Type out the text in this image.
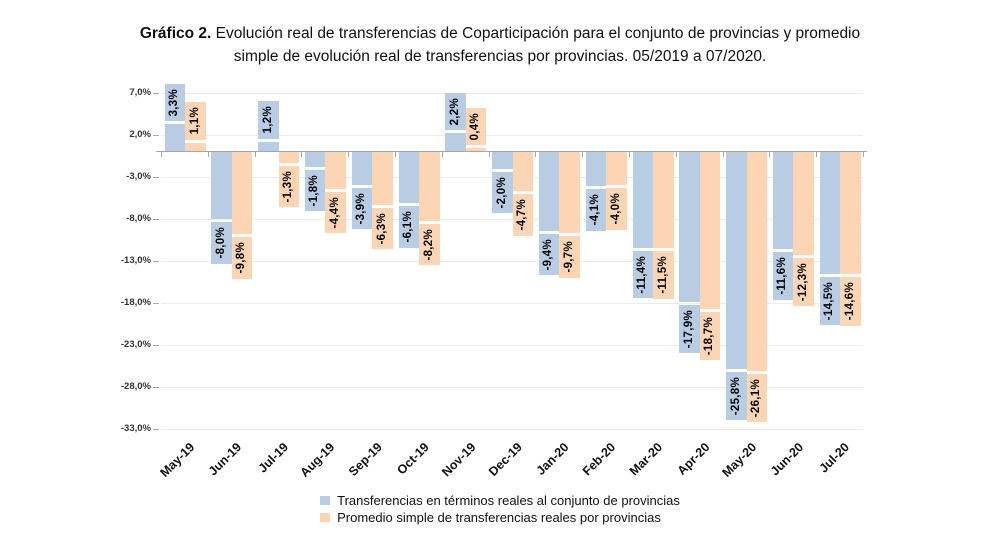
Gráfico 2. Evolución real de transferencias de Coparticipación para el conjunto de provincias y promedio
simple de evolución real de transferencias por provincias. 05/2019 a 07/2020.
7,0%
2,0%
-3,0%
-8,0%
-13,0%
-18,0%
-23,0%
-28,0%
-33,0%
3,3%
-8,0%
1,2%
-1,8%
-3,9%
-6,1%
2,2%
-2,0%
-9,4%
-4,1%
-11,4%
-17,9%
-25,8%
-11,6%
-14,5%
1,1%
-9,8%
-1,3%
-4,4%
-6,3%
-8,2%
0,4%
-4,7%
-9,7%
-4,0%
-11,5%
-18,7%
-26,1%
-12,3%
-14,6%
May-19 Jun-19 Jul-19 Aug-19 Sep-19 Oct-19 Nov-19 Dec-19 Jan-20 Feb-20 Mar-20 Apr-20 May-20 Jun-20 Jul-20
Transferencias en términos reales al conjunto de provincias
Promedio simple de transferencias reales por provincias
